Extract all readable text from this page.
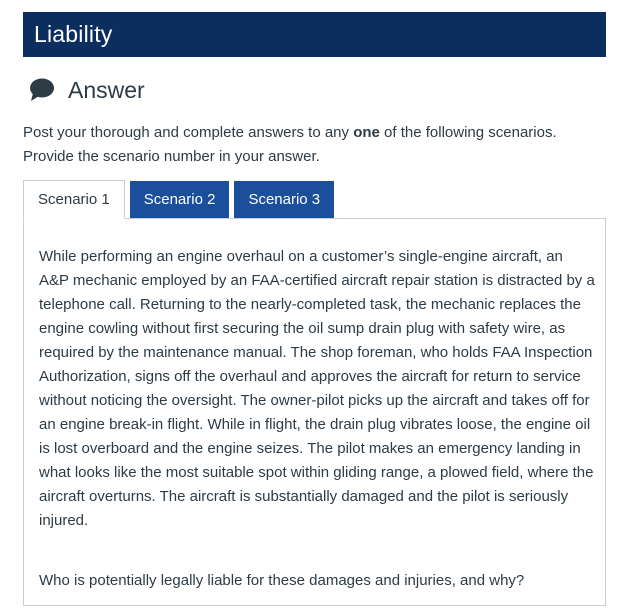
Liability
Answer
Post your thorough and complete answers to any one of the following scenarios. Provide the scenario number in your answer.
Scenario 1 Scenario 2 Scenario 3
While performing an engine overhaul on a customer’s single-engine aircraft, an A&P mechanic employed by an FAA-certified aircraft repair station is distracted by a telephone call. Returning to the nearly-completed task, the mechanic replaces the engine cowling without first securing the oil sump drain plug with safety wire, as required by the maintenance manual. The shop foreman, who holds FAA Inspection Authorization, signs off the overhaul and approves the aircraft for return to service without noticing the oversight. The owner-pilot picks up the aircraft and takes off for an engine break-in flight. While in flight, the drain plug vibrates loose, the engine oil is lost overboard and the engine seizes. The pilot makes an emergency landing in what looks like the most suitable spot within gliding range, a plowed field, where the aircraft overturns. The aircraft is substantially damaged and the pilot is seriously injured.
Who is potentially legally liable for these damages and injuries, and why?
